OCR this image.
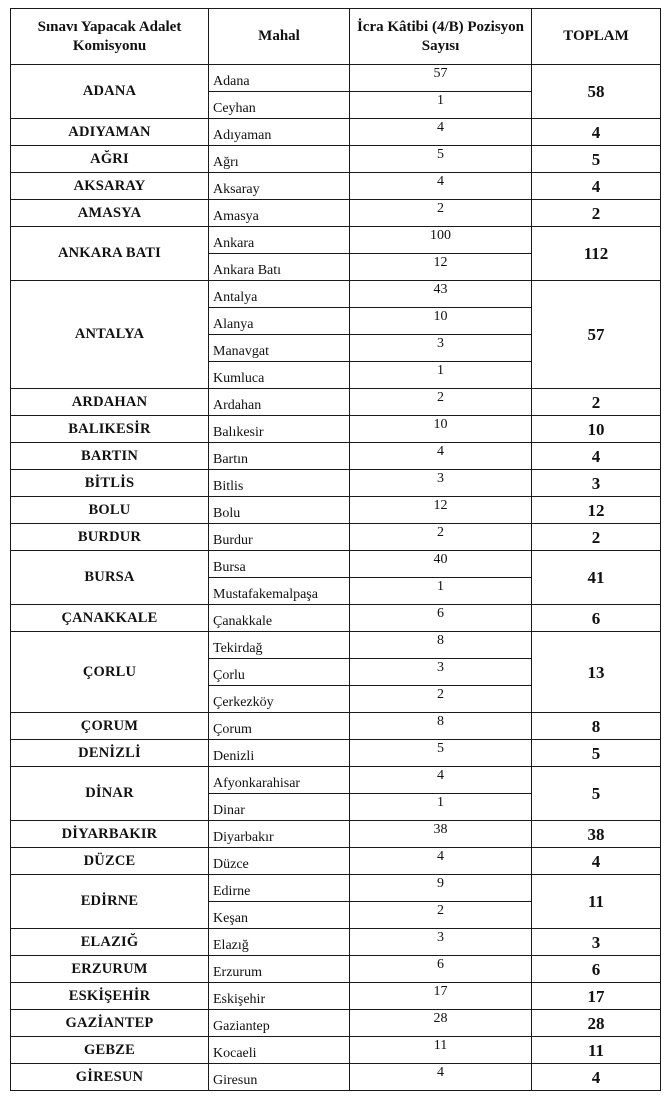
Sınavı Yapacak Adalet Komisyonu	Mahal	İcra Kâtibi (4/B) Pozisyon Sayısı	TOPLAM
ADANA	Adana	57	58
	Ceyhan	1	
ADIYAMAN	Adıyaman	4	4
AĞRI	Ağrı	5	5
AKSARAY	Aksaray	4	4
AMASYA	Amasya	2	2
ANKARA BATI	Ankara	100	112
	Ankara Batı	12	
ANTALYA	Antalya	43	57
	Alanya	10	
	Manavgat	3	
	Kumluca	1	
ARDAHAN	Ardahan	2	2
BALIKESİR	Balıkesir	10	10
BARTIN	Bartın	4	4
BİTLİS	Bitlis	3	3
BOLU	Bolu	12	12
BURDUR	Burdur	2	2
BURSA	Bursa	40	41
	Mustafakemalpaşa	1	
ÇANAKKALE	Çanakkale	6	6
ÇORLU	Tekirdağ	8	13
	Çorlu	3	
	Çerkezköy	2	
ÇORUM	Çorum	8	8
DENİZLİ	Denizli	5	5
DİNAR	Afyonkarahisar	4	5
	Dinar	1	
DİYARBAKIR	Diyarbakır	38	38
DÜZCE	Düzce	4	4
EDİRNE	Edirne	9	11
	Keşan	2	
ELAZIĞ	Elazığ	3	3
ERZURUM	Erzurum	6	6
ESKİŞEHİR	Eskişehir	17	17
GAZİANTEP	Gaziantep	28	28
GEBZE	Kocaeli	11	11
GİRESUN	Giresun	4	4
